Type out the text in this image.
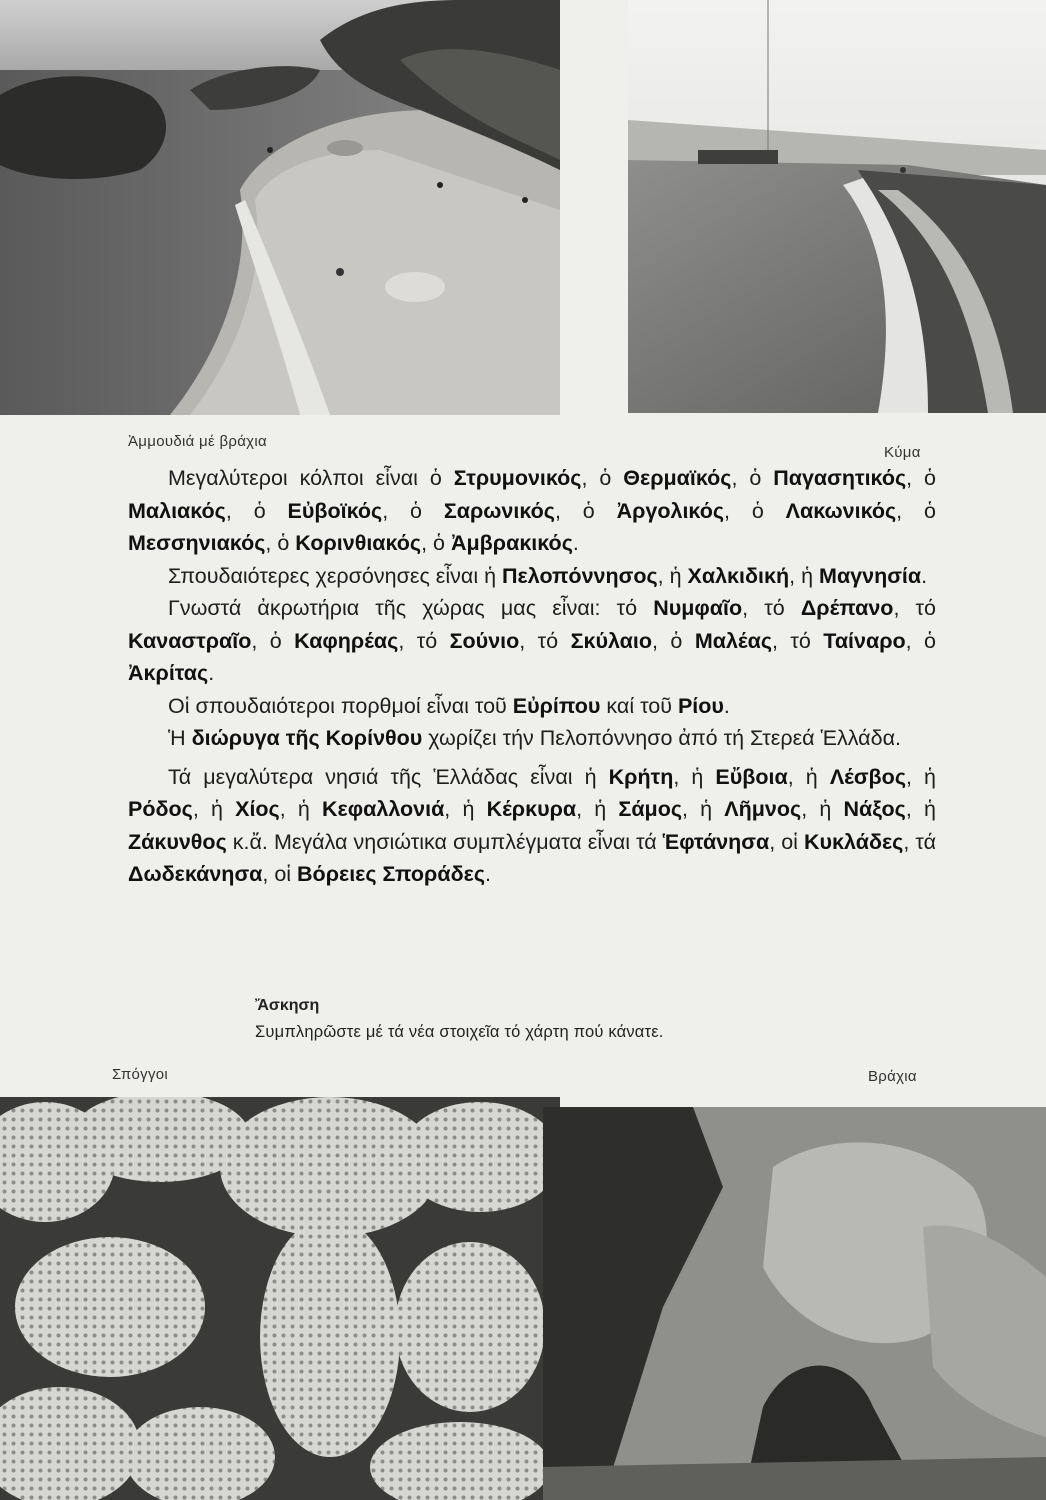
Ἀμμουδιά μέ βράχια
Κύμα

Μεγαλύτεροι κόλποι εἶναι ὁ Στρυμονικός, ὁ Θερμαϊκός, ὁ Παγασητικός, ὁ Μαλιακός, ὁ Εὐβοϊκός, ὁ Σαρωνικός, ὁ Ἀργολικός, ὁ Λακωνικός, ὁ Μεσσηνιακός, ὁ Κορινθιακός, ὁ Ἀμβρακικός.

Σπουδαιότερες χερσόνησες εἶναι ἡ Πελοπόννησος, ἡ Χαλκιδική, ἡ Μαγνησία.

Γνωστά ἀκρωτήρια τῆς χώρας μας εἶναι: τό Νυμφαῖο, τό Δρέπανο, τό Καναστραῖο, ὁ Καφηρέας, τό Σούνιο, τό Σκύλαιο, ὁ Μαλέας, τό Ταίναρο, ὁ Ἀκρίτας.

Οἱ σπουδαιότεροι πορθμοί εἶναι τοῦ Εὐρίπου καί τοῦ Ρίου.

Ἡ διώρυγα τῆς Κορίνθου χωρίζει τήν Πελοπόννησο ἀπό τή Στερεά Ἑλλάδα.

Τά μεγαλύτερα νησιά τῆς Ἑλλάδας εἶναι ἡ Κρήτη, ἡ Εὔβοια, ἡ Λέσβος, ἡ Ρόδος, ἡ Χίος, ἡ Κεφαλλονιά, ἡ Κέρκυρα, ἡ Σάμος, ἡ Λῆμνος, ἡ Νάξος, ἡ Ζάκυνθος κ.ἄ. Μεγάλα νησιώτικα συμπλέγματα εἶναι τά Ἑφτάνησα, οἱ Κυκλάδες, τά Δωδεκάνησα, οἱ Βόρειες Σποράδες.

Ἄσκηση
Συμπληρῶστε μέ τά νέα στοιχεῖα τό χάρτη πού κάνατε.
Σπόγγοι	Βράχια
